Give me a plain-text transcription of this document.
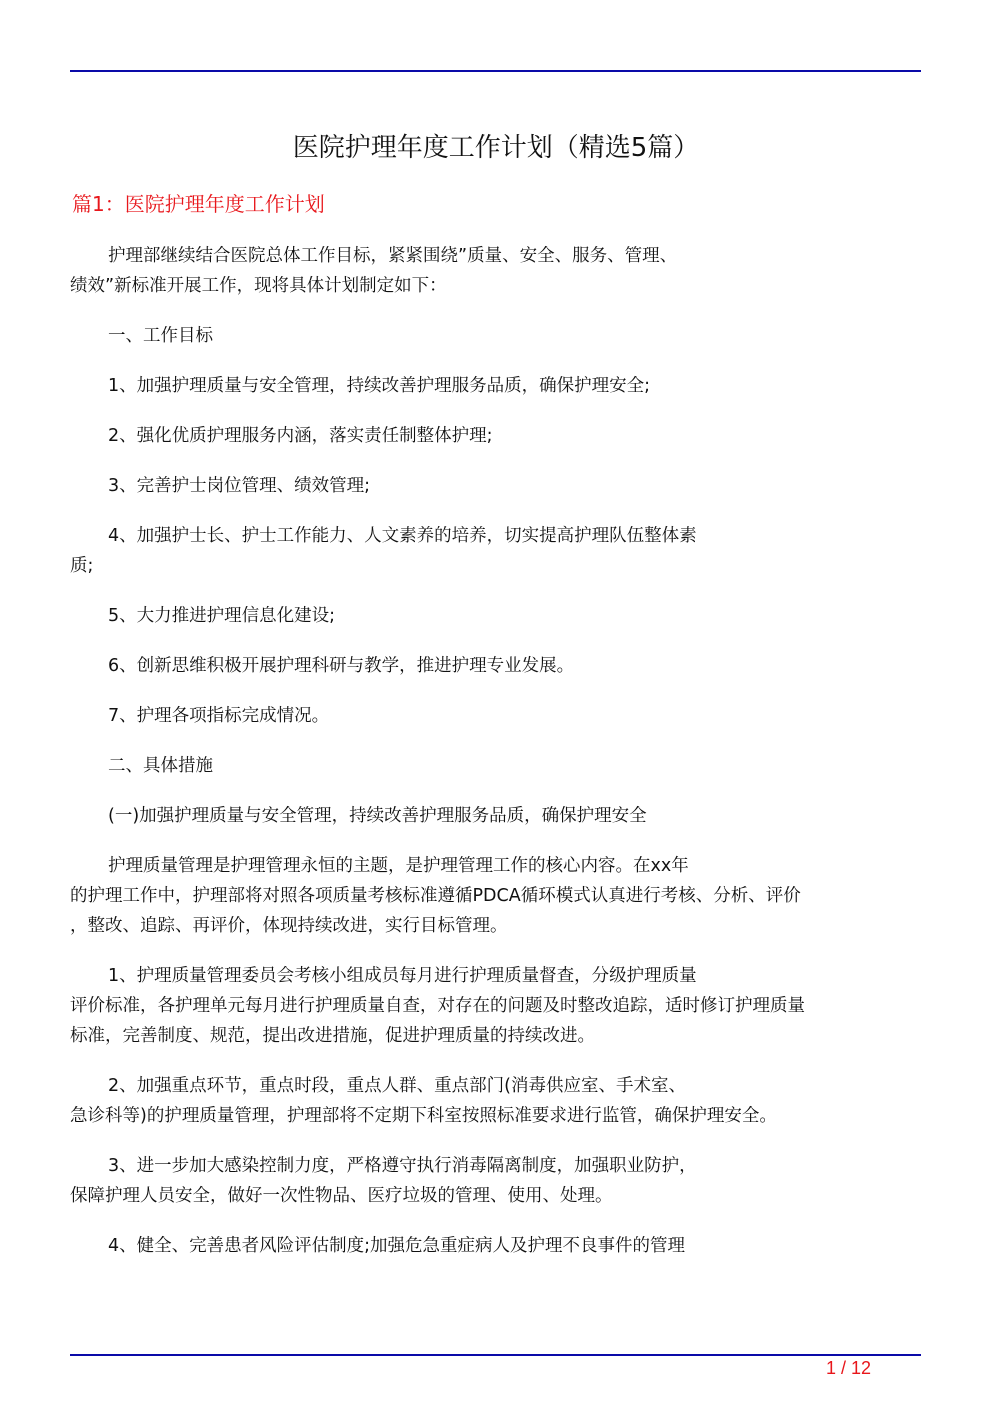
医院护理年度工作计划（精选5篇）
篇1：医院护理年度工作计划
护理部继续结合医院总体工作目标，紧紧围绕”质量、安全、服务、管理、
绩效”新标准开展工作，现将具体计划制定如下：
一、工作目标
1、加强护理质量与安全管理，持续改善护理服务品质，确保护理安全;
2、强化优质护理服务内涵，落实责任制整体护理;
3、完善护士岗位管理、绩效管理;
4、加强护士长、护士工作能力、人文素养的培养，切实提高护理队伍整体素
质;
5、大力推进护理信息化建设;
6、创新思维积极开展护理科研与教学，推进护理专业发展。
7、护理各项指标完成情况。
二、具体措施
(一)加强护理质量与安全管理，持续改善护理服务品质，确保护理安全
护理质量管理是护理管理永恒的主题，是护理管理工作的核心内容。在xx年
的护理工作中，护理部将对照各项质量考核标准遵循PDCA循环模式认真进行考核、分析、评价
，整改、追踪、再评价，体现持续改进，实行目标管理。
1、护理质量管理委员会考核小组成员每月进行护理质量督查，分级护理质量
评价标准，各护理单元每月进行护理质量自查，对存在的问题及时整改追踪，适时修订护理质量
标准，完善制度、规范，提出改进措施，促进护理质量的持续改进。
2、加强重点环节，重点时段，重点人群、重点部门(消毒供应室、手术室、
急诊科等)的护理质量管理，护理部将不定期下科室按照标准要求进行监管，确保护理安全。
3、进一步加大感染控制力度，严格遵守执行消毒隔离制度，加强职业防护，
保障护理人员安全，做好一次性物品、医疗垃圾的管理、使用、处理。
4、健全、完善患者风险评估制度;加强危急重症病人及护理不良事件的管理
1 / 12
